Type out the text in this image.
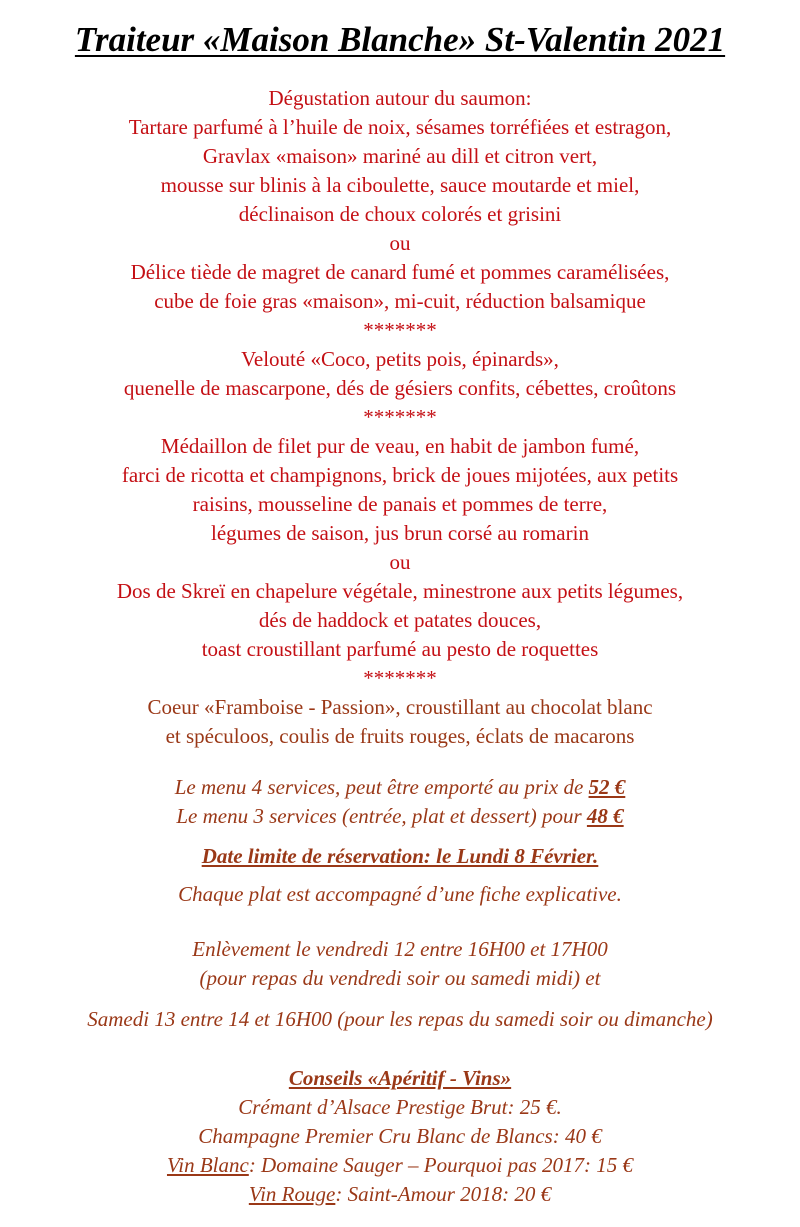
Traiteur «Maison Blanche» St-Valentin 2021
Dégustation autour du saumon:
Tartare parfumé à l’huile de noix, sésames torréfiées et estragon,
Gravlax «maison» mariné au dill et citron vert,
mousse sur blinis à la ciboulette, sauce moutarde et miel,
déclinaison de choux colorés et grisini
ou
Délice tiède de magret de canard fumé et pommes caramélisées,
cube de foie gras «maison», mi-cuit, réduction balsamique
*******
Velouté «Coco, petits pois, épinards»,
quenelle de mascarpone, dés de gésiers confits, cébettes, croûtons
*******
Médaillon de filet pur de veau, en habit de jambon fumé,
farci de ricotta et champignons, brick de joues mijotées, aux petits
raisins, mousseline de panais et pommes de terre,
légumes de saison, jus brun corsé au romarin
ou
Dos de Skreï en chapelure végétale, minestrone aux petits légumes,
dés de haddock et patates douces,
toast croustillant parfumé au pesto de roquettes
*******
Coeur «Framboise - Passion», croustillant au chocolat blanc
et spéculoos, coulis de fruits rouges, éclats de macarons
Le menu 4 services, peut être emporté au prix de 52 €
Le menu 3 services (entrée, plat et dessert) pour 48 €
Date limite de réservation: le Lundi 8 Février.
Chaque plat est accompagné d’une fiche explicative.
Enlèvement le vendredi 12 entre 16H00 et 17H00
(pour repas du vendredi soir ou samedi midi) et
Samedi 13 entre 14 et 16H00 (pour les repas du samedi soir ou dimanche)
Conseils «Apéritif - Vins»
Crémant d’Alsace Prestige Brut: 25 €.
Champagne Premier Cru Blanc de Blancs: 40 €
Vin Blanc: Domaine Sauger – Pourquoi pas 2017: 15 €
Vin Rouge: Saint-Amour 2018: 20 €
